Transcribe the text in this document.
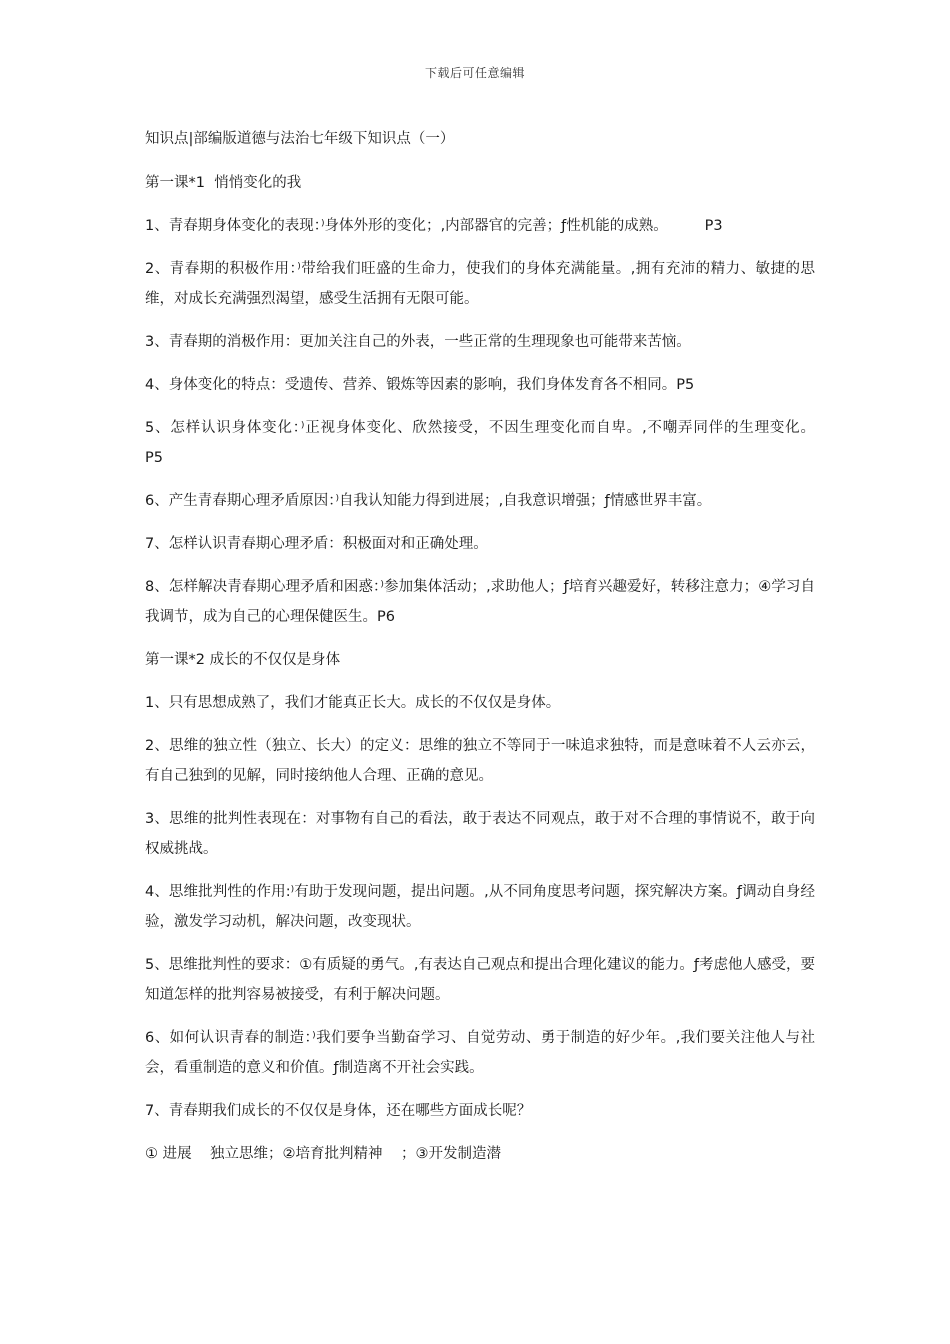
下载后可任意编辑

知识点|部编版道德与法治七年级下知识点（一）

第一课*1  悄悄变化的我

1、青春期身体变化的表现：⁾身体外形的变化；‚内部器官的完善；ƒ性机能的成熟。        P3

2、青春期的积极作用：⁾带给我们旺盛的生命力，使我们的身体充满能量。‚拥有充沛的精力、敏捷的思维，对成长充满强烈渴望，感受生活拥有无限可能。

3、青春期的消极作用：更加关注自己的外表，一些正常的生理现象也可能带来苦恼。

4、身体变化的特点：受遗传、营养、锻炼等因素的影响，我们身体发育各不相同。P5

5、怎样认识身体变化：⁾正视身体变化、欣然接受，不因生理变化而自卑。‚不嘲弄同伴的生理变化。    P5

6、产生青春期心理矛盾原因：⁾自我认知能力得到进展；‚自我意识增强；ƒ情感世界丰富。

7、怎样认识青春期心理矛盾：积极面对和正确处理。

8、怎样解决青春期心理矛盾和困惑：⁾参加集体活动；‚求助他人；ƒ培育兴趣爱好，转移注意力；④学习自我调节，成为自己的心理保健医生。P6

第一课*2 成长的不仅仅是身体

1、只有思想成熟了，我们才能真正长大。成长的不仅仅是身体。

2、思维的独立性（独立、长大）的定义：思维的独立不等同于一味追求独特，而是意味着不人云亦云，有自己独到的见解，同时接纳他人合理、正确的意见。

3、思维的批判性表现在：对事物有自己的看法，敢于表达不同观点，敢于对不合理的事情说不，敢于向权威挑战。

4、思维批判性的作用:⁾有助于发现问题，提出问题。‚从不同角度思考问题，探究解决方案。ƒ调动自身经验，激发学习动机，解决问题，改变现状。

5、思维批判性的要求：①有质疑的勇气。‚有表达自己观点和提出合理化建议的能力。ƒ考虑他人感受，要知道怎样的批判容易被接受，有利于解决问题。

6、如何认识青春的制造：⁾我们要争当勤奋学习、自觉劳动、勇于制造的好少年。‚我们要关注他人与社会，看重制造的意义和价值。ƒ制造离不开社会实践。

7、青春期我们成长的不仅仅是身体，还在哪些方面成长呢？

① 进展    独立思维；②培育批判精神    ；③开发制造潜
